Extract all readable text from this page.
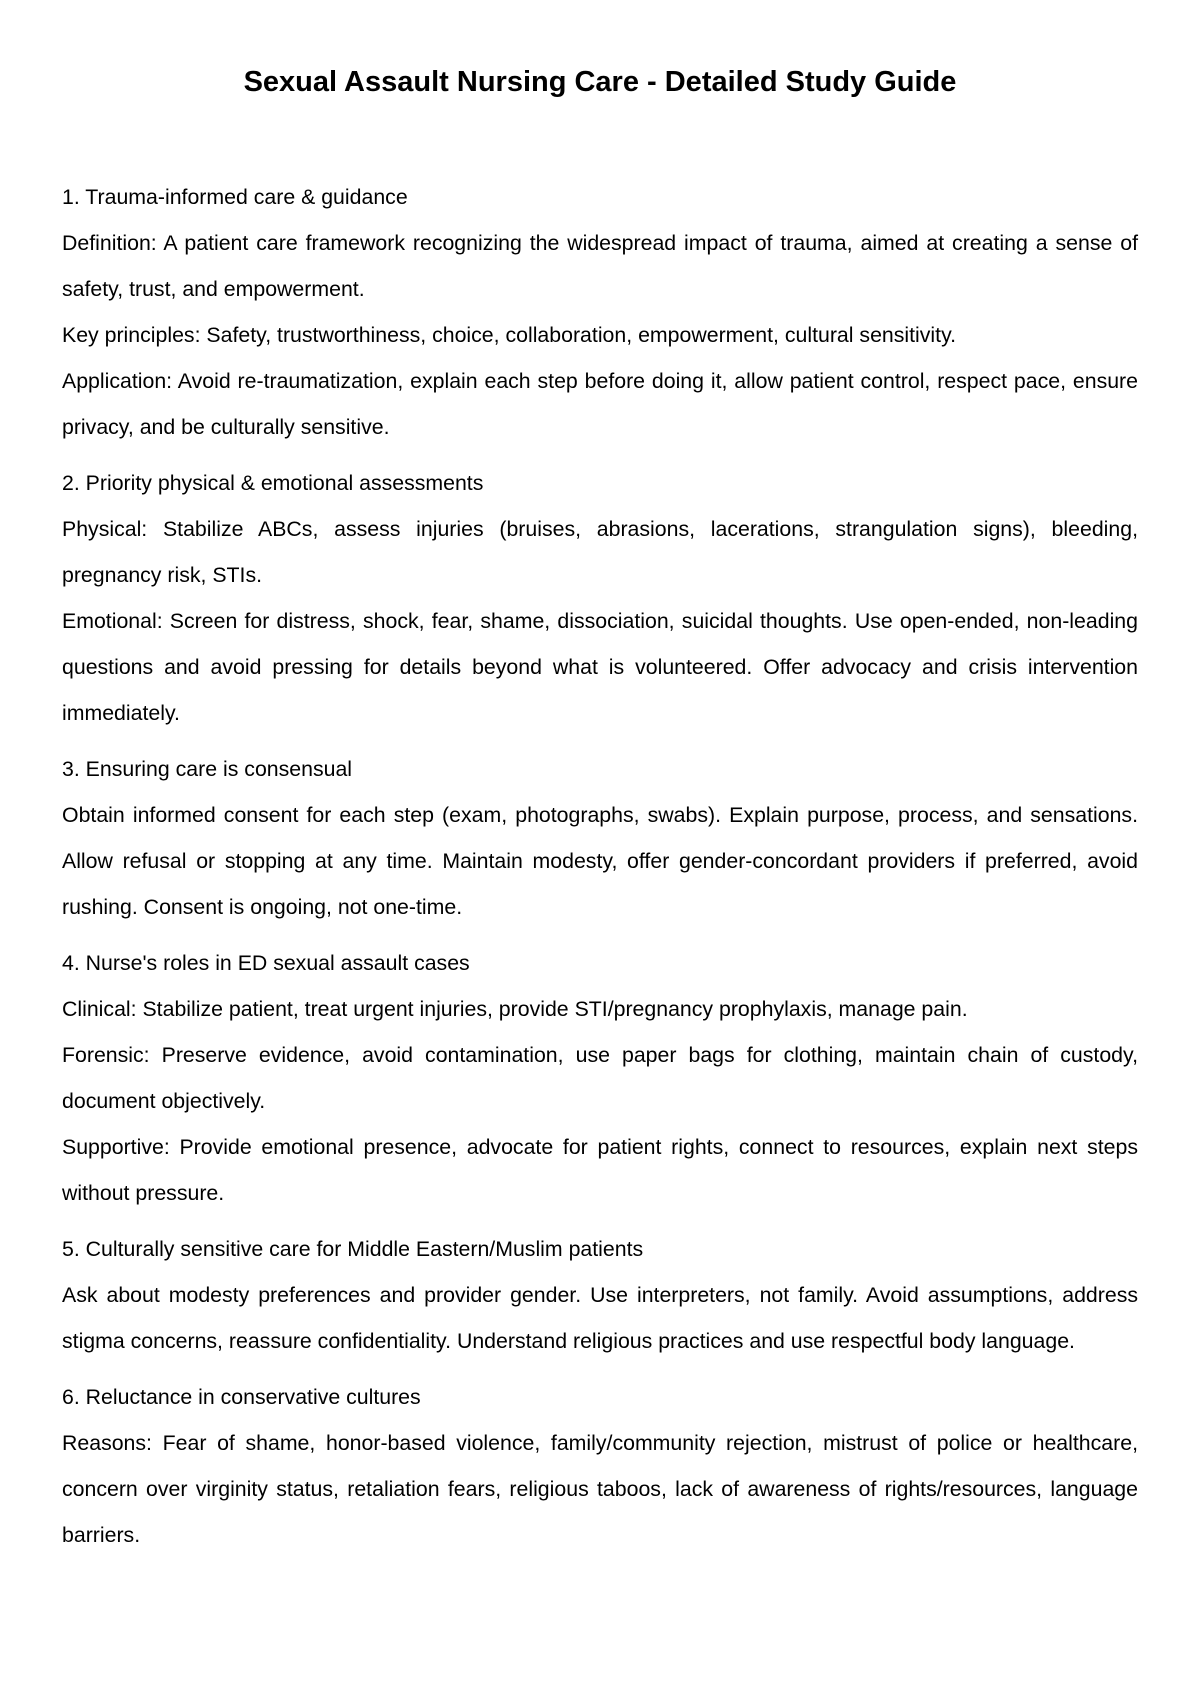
Sexual Assault Nursing Care - Detailed Study Guide

1. Trauma-informed care & guidance

Definition: A patient care framework recognizing the widespread impact of trauma, aimed at creating a sense of safety, trust, and empowerment.

Key principles: Safety, trustworthiness, choice, collaboration, empowerment, cultural sensitivity.

Application: Avoid re-traumatization, explain each step before doing it, allow patient control, respect pace, ensure privacy, and be culturally sensitive.

2. Priority physical & emotional assessments

Physical: Stabilize ABCs, assess injuries (bruises, abrasions, lacerations, strangulation signs), bleeding, pregnancy risk, STIs.

Emotional: Screen for distress, shock, fear, shame, dissociation, suicidal thoughts. Use open-ended, non-leading questions and avoid pressing for details beyond what is volunteered. Offer advocacy and crisis intervention immediately.

3. Ensuring care is consensual

Obtain informed consent for each step (exam, photographs, swabs). Explain purpose, process, and sensations. Allow refusal or stopping at any time. Maintain modesty, offer gender-concordant providers if preferred, avoid rushing. Consent is ongoing, not one-time.

4. Nurse's roles in ED sexual assault cases

Clinical: Stabilize patient, treat urgent injuries, provide STI/pregnancy prophylaxis, manage pain.

Forensic: Preserve evidence, avoid contamination, use paper bags for clothing, maintain chain of custody, document objectively.

Supportive: Provide emotional presence, advocate for patient rights, connect to resources, explain next steps without pressure.

5. Culturally sensitive care for Middle Eastern/Muslim patients

Ask about modesty preferences and provider gender. Use interpreters, not family. Avoid assumptions, address stigma concerns, reassure confidentiality. Understand religious practices and use respectful body language.

6. Reluctance in conservative cultures

Reasons: Fear of shame, honor-based violence, family/community rejection, mistrust of police or healthcare, concern over virginity status, retaliation fears, religious taboos, lack of awareness of rights/resources, language barriers.
